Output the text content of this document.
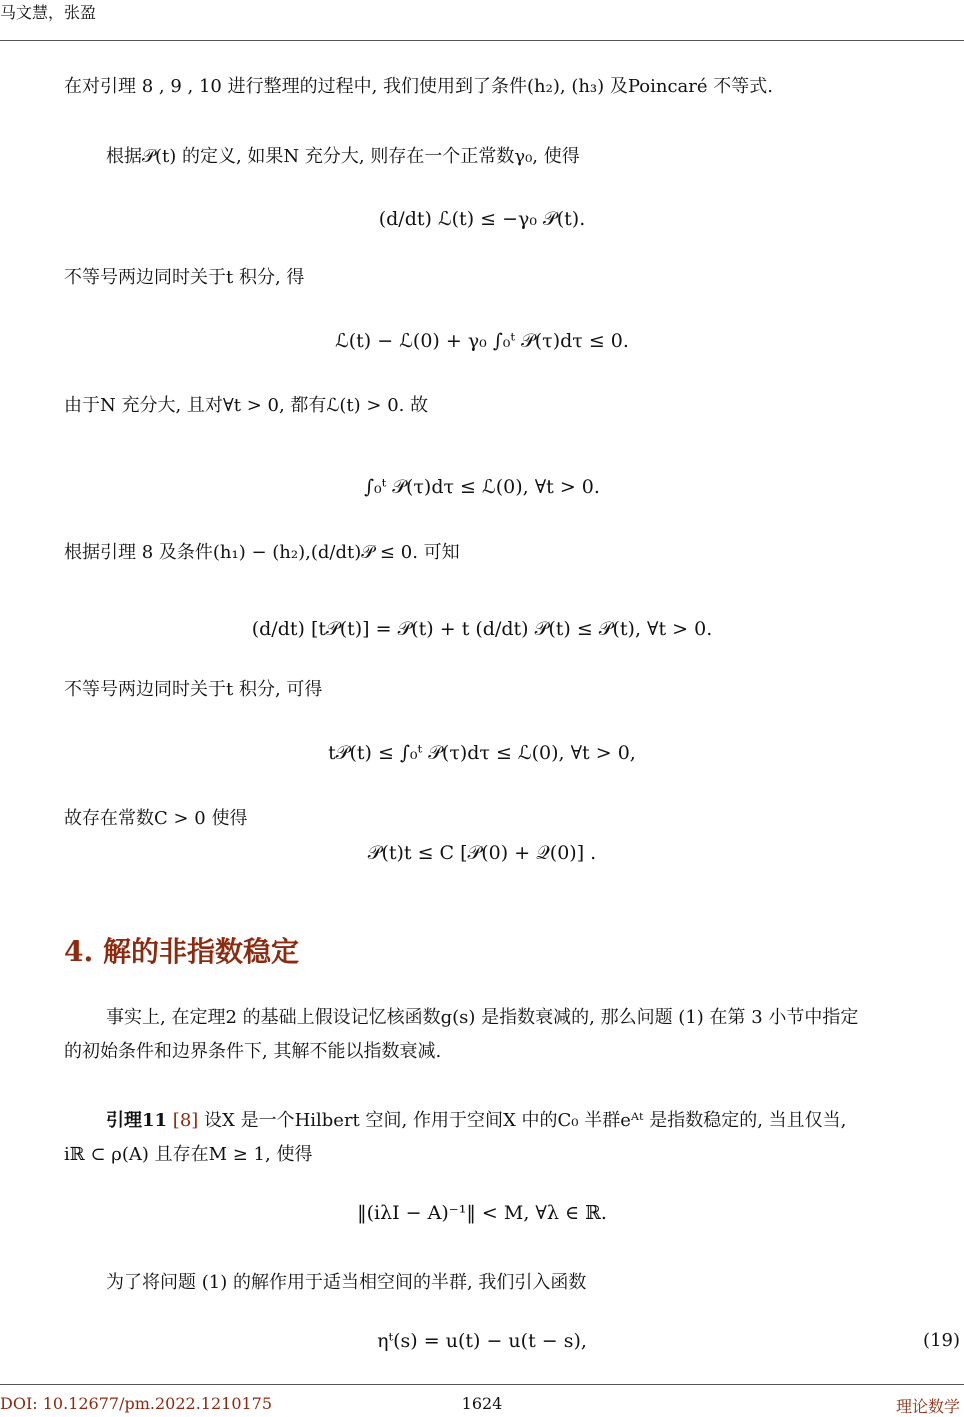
马文慧，张盈
在对引理 8 , 9 , 10 进行整理的过程中, 我们使用到了条件(h₂), (h₃) 及Poincaré 不等式.
根据𝒫(t) 的定义, 如果N 充分大, 则存在一个正常数γ₀, 使得
(d/dt) ℒ(t) ≤ −γ₀ 𝒫(t).
不等号两边同时关于t 积分, 得
ℒ(t) − ℒ(0) + γ₀ ∫₀ᵗ 𝒫(τ)dτ ≤ 0.
由于N 充分大, 且对∀t > 0, 都有ℒ(t) > 0. 故
∫₀ᵗ 𝒫(τ)dτ ≤ ℒ(0), ∀t > 0.
根据引理 8 及条件(h₁) − (h₂),(d/dt)𝒫 ≤ 0. 可知
(d/dt) [t𝒫(t)] = 𝒫(t) + t (d/dt) 𝒫(t) ≤ 𝒫(t), ∀t > 0.
不等号两边同时关于t 积分, 可得
t𝒫(t) ≤ ∫₀ᵗ 𝒫(τ)dτ ≤ ℒ(0), ∀t > 0,
故存在常数C > 0 使得
𝒫(t)t ≤ C [𝒫(0) + 𝒬(0)] .
4. 解的非指数稳定
事实上, 在定理2 的基础上假设记忆核函数g(s) 是指数衰减的, 那么问题 (1) 在第 3 小节中指定
的初始条件和边界条件下, 其解不能以指数衰减.
引理11 [8] 设X 是一个Hilbert 空间, 作用于空间X 中的C₀ 半群eᴬᵗ 是指数稳定的, 当且仅当,
iℝ ⊂ ρ(A) 且存在M ≥ 1, 使得
‖(iλI − A)⁻¹‖ < M, ∀λ ∈ ℝ.
为了将问题 (1) 的解作用于适当相空间的半群, 我们引入函数
ηᵗ(s) = u(t) − u(t − s),	(19)
DOI: 10.12677/pm.2022.1210175	1624	理论数学
